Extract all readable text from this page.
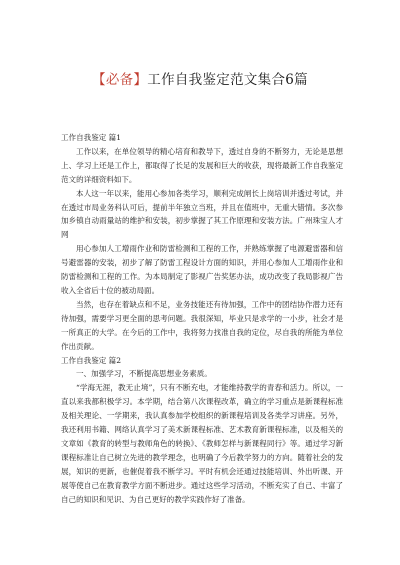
【必备】工作自我鉴定范文集合6篇

工作自我鉴定 篇1

工作以来，在单位领导的精心培育和教导下，透过自身的不断努力，无论是思想上、学习上还是工作上，都取得了长足的发展和巨大的收获，现将最新工作自我鉴定范文的详细资料如下。

本人这一年以来，能用心参加各类学习，顺利完成闸长上岗培训并透过考试，并在透过市局业务科认可后，提前半年独立当班，并且在值班中，无重大错情。多次参加乡镇自动雨量站的维护和安装，初步掌握了其工作原理和安装方法。广州珠宝人才网

用心参加人工增雨作业和防雷检测和工程的工作，并熟练掌握了电源避雷器和信号避雷器的安装，初步了解了防雷工程设计方面的知识，并用心参加人工增雨作业和防雷检测和工程的工作。为本局制定了影视广告奖惩办法，成功改变了我局影视广告收入全省后十位的被动局面。

当然，也存在着缺点和不足，业务技能还有待加强，工作中的团结协作潜力还有待加强，需要学习更全面的思考问题。我很深知，毕业只是求学的一小步，社会才是一所真正的大学。在今后的工作中，我将努力找准自我的定位，尽自我的所能为单位作出贡献。

工作自我鉴定 篇2

一、加强学习，不断提高思想业务素质。

“学海无涯，教无止境”，只有不断充电，才能维持教学的青春和活力。所以，一直以来我都积极学习。本学期，结合第八次课程改革，确立的学习重点是新课程标准及相关理论、一学期来，我认真参加学校组织的新课程培训及各类学习讲座。另外，我还利用书籍、网络认真学习了美术新课程标准、艺术教育新课程标准，以及相关的文章如《教育的转型与教师角色的转换》、《教师怎样与新课程同行》等。通过学习新课程标准让自己树立先进的教学理念，也明确了今后教学努力的方向。随着社会的发展，知识的更新，也催促着我不断学习。平时有机会还通过技能培训、外出听课、开展等使自己在教育教学方面不断进步。通过这些学习活动，不断充实了自己、丰富了自己的知识和见识、为自己更好的教学实践作好了准备。
